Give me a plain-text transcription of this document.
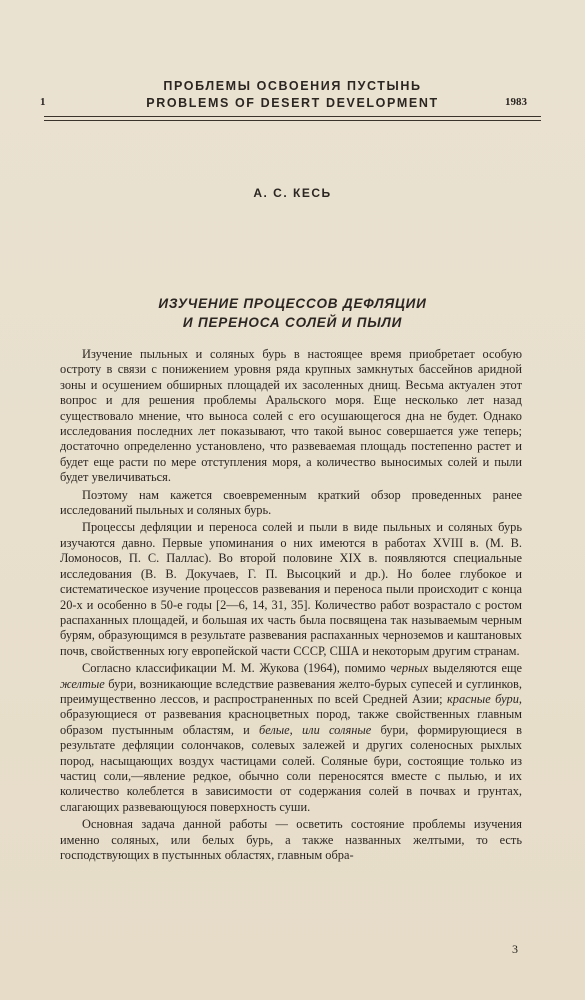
ПРОБЛЕМЫ ОСВОЕНИЯ ПУСТЫНЬ
PROBLEMS OF DESERT DEVELOPMENT
1	1983
А. С. КЕСЬ
ИЗУЧЕНИЕ ПРОЦЕССОВ ДЕФЛЯЦИИ
И ПЕРЕНОСА СОЛЕЙ И ПЫЛИ

Изучение пыльных и соляных бурь в настоящее время приобретает особую остроту в связи с понижением уровня ряда крупных замкнутых бассейнов аридной зоны и осушением обширных площадей их засоленных днищ. Весьма актуален этот вопрос и для решения проблемы Аральского моря. Еще несколько лет назад существовало мнение, что выноса солей с его осушающегося дна не будет. Однако исследования последних лет показывают, что такой вынос совершается уже теперь; достаточно определенно установлено, что развеваемая площадь постепенно растет и будет еще расти по мере отступления моря, а количество выносимых солей и пыли будет увеличиваться.

Поэтому нам кажется своевременным краткий обзор проведенных ранее исследований пыльных и соляных бурь.

Процессы дефляции и переноса солей и пыли в виде пыльных и соляных бурь изучаются давно. Первые упоминания о них имеются в работах XVIII в. (М. В. Ломоносов, П. С. Паллас). Во второй половине XIX в. появляются специальные исследования (В. В. Докучаев, Г. П. Высоцкий и др.). Но более глубокое и систематическое изучение процессов развевания и переноса пыли происходит с конца 20-х и особенно в 50-е годы [2—6, 14, 31, 35]. Количество работ возрастало с ростом распаханных площадей, и большая их часть была посвящена так называемым черным бурям, образующимся в результате развевания распаханных черноземов и каштановых почв, свойственных югу европейской части СССР, США и некоторым другим странам.

Согласно классификации М. М. Жукова (1964), помимо черных выделяются еще желтые бури, возникающие вследствие развевания желто-бурых супесей и суглинков, преимущественно лессов, и распространенных по всей Средней Азии; красные бури, образующиеся от развевания красноцветных пород, также свойственных главным образом пустынным областям, и белые, или соляные бури, формирующиеся в результате дефляции солончаков, солевых залежей и других соленосных рыхлых пород, насыщающих воздух частицами солей. Соляные бури, состоящие только из частиц соли,—явление редкое, обычно соли переносятся вместе с пылью, и их количество колеблется в зависимости от содержания солей в почвах и грунтах, слагающих развевающуюся поверхность суши.

Основная задача данной работы — осветить состояние проблемы изучения именно соляных, или белых бурь, а также названных желтыми, то есть господствующих в пустынных областях, главным обра-

3
